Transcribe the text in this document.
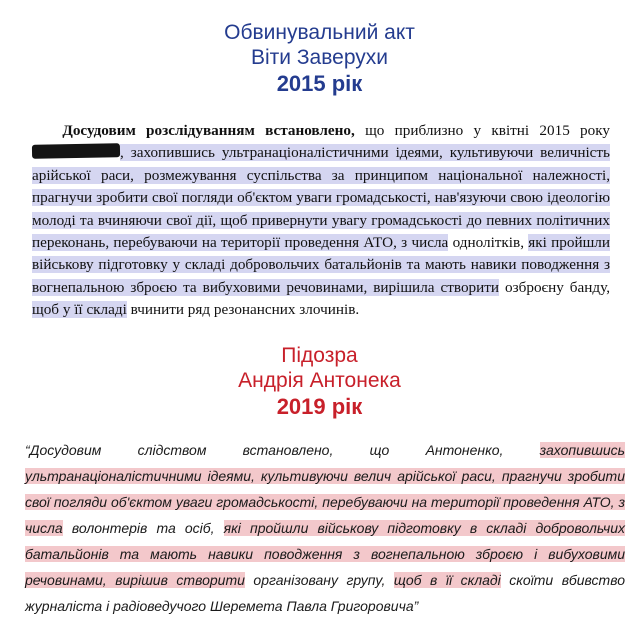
Обвинувальний акт
Віти Заверухи
2015 рік
  Досудовим розслідуванням встановлено, що приблизно у квітні 2015 року , захопившись ультранаціоналістичними ідеями, культивуючи величність арійської раси, розмежування суспільства за принципом національної належності, прагнучи зробити свої погляди об'єктом уваги громадськості, нав'язуючи свою ідеологію молоді та вчиняючи свої дії, щоб привернути увагу громадськості до певних політичних переконань, перебуваючи на території проведення АТО, з числа однолітків, які пройшли військову підготовку у складі добровольчих батальйонів та мають навики поводження з вогнепальною зброєю та вибуховими речовинами, вирішила створити озброєну банду, щоб у її складі вчинити ряд резонансних злочинів.
Підозра
Андрія Антонека
2019 рік
“Досудовим слідством встановлено, що Антоненко, захопившись ультранаціоналістичними ідеями, культивуючи велич арійської раси, прагнучи зробити свої погляди об'єктом уваги громадськості, перебуваючи на території проведення АТО, з числа волонтерів та осіб, які пройшли військову підготовку в складі добровольчих батальйонів та мають навики поводження з вогнепальною зброєю і вибуховими речовинами, вирішив створити організовану групу, щоб в її складі скоїти вбивство журналіста і радіоведучого Шеремета Павла Григоровича”
